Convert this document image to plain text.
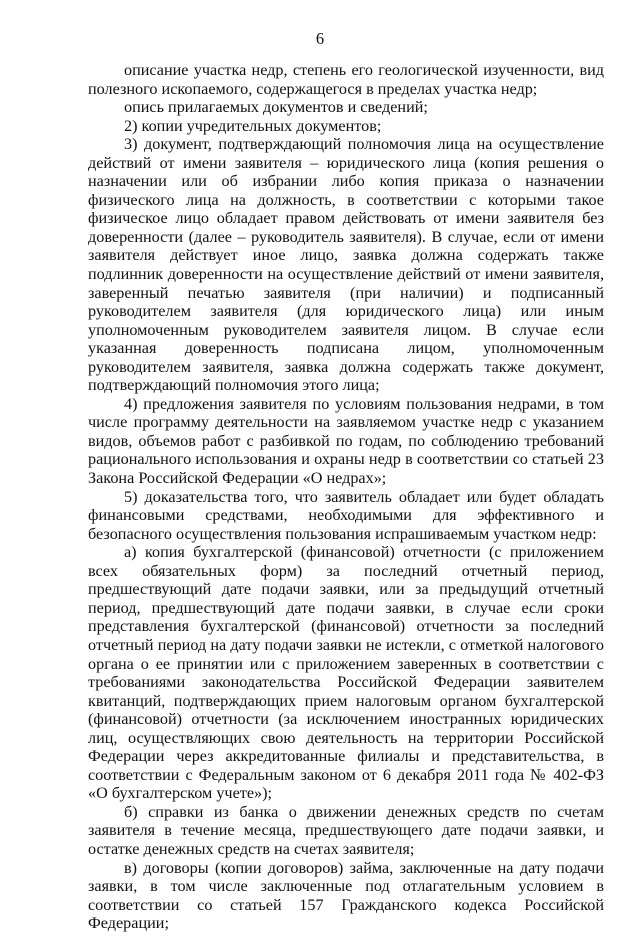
6

описание участка недр, степень его геологической изученности, вид полезного ископаемого, содержащегося в пределах участка недр;

опись прилагаемых документов и сведений;

2) копии учредительных документов;

3) документ, подтверждающий полномочия лица на осуществление действий от имени заявителя – юридического лица (копия решения о назначении или об избрании либо копия приказа о назначении физического лица на должность, в соответствии с которыми такое физическое лицо обладает правом действовать от имени заявителя без доверенности (далее – руководитель заявителя). В случае, если от имени заявителя действует иное лицо, заявка должна содержать также подлинник доверенности на осуществление действий от имени заявителя, заверенный печатью заявителя (при наличии) и подписанный руководителем заявителя (для юридического лица) или иным уполномоченным руководителем заявителя лицом. В случае если указанная доверенность подписана лицом, уполномоченным руководителем заявителя, заявка должна содержать также документ, подтверждающий полномочия этого лица;

4) предложения заявителя по условиям пользования недрами, в том числе программу деятельности на заявляемом участке недр с указанием видов, объемов работ с разбивкой по годам, по соблюдению требований рационального использования и охраны недр в соответствии со статьей 23 Закона Российской Федерации «О недрах»;

5) доказательства того, что заявитель обладает или будет обладать финансовыми средствами, необходимыми для эффективного и безопасного осуществления пользования испрашиваемым участком недр:

а) копия бухгалтерской (финансовой) отчетности (с приложением всех обязательных форм) за последний отчетный период, предшествующий дате подачи заявки, или за предыдущий отчетный период, предшествующий дате подачи заявки, в случае если сроки представления бухгалтерской (финансовой) отчетности за последний отчетный период на дату подачи заявки не истекли, с отметкой налогового органа о ее принятии или с приложением заверенных в соответствии с требованиями законодательства Российской Федерации заявителем квитанций, подтверждающих прием налоговым органом бухгалтерской (финансовой) отчетности (за исключением иностранных юридических лиц, осуществляющих свою деятельность на территории Российской Федерации через аккредитованные филиалы и представительства, в соответствии с Федеральным законом от 6 декабря 2011 года № 402-ФЗ «О бухгалтерском учете»);

б) справки из банка о движении денежных средств по счетам заявителя в течение месяца, предшествующего дате подачи заявки, и остатке денежных средств на счетах заявителя;

в) договоры (копии договоров) займа, заключенные на дату подачи заявки, в том числе заключенные под отлагательным условием в соответствии со статьей 157 Гражданского кодекса Российской Федерации;
